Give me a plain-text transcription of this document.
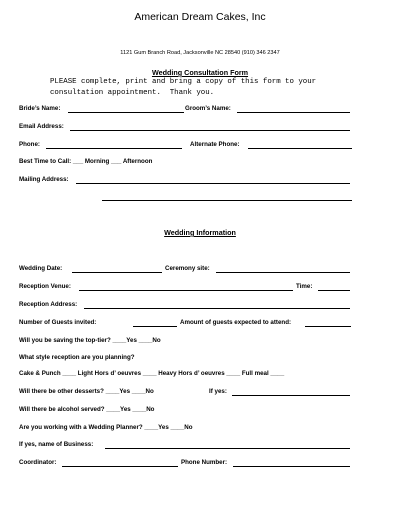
American Dream Cakes, Inc
1121 Gum Branch Road, Jacksonville NC 28540 (910) 346 2347
Wedding Consultation Form
PLEASE complete, print and bring a copy of this form to your
consultation appointment.  Thank you.
Bride’s Name:	Groom’s Name:
Email Address:
Phone:	Alternate Phone:
Best Time to Call: ___ Morning ___ Afternoon
Mailing Address:
Wedding Information
Wedding Date:	Ceremony site:
Reception Venue:	Time:
Reception Address:
Number of Guests invited:	Amount of guests expected to attend:
Will you be saving the top-tier? ____Yes ____No
What style reception are you planning?
Cake & Punch ____ Light Hors d’ oeuvres ____ Heavy Hors d’ oeuvres ____ Full meal ____
Will there be other desserts? ____Yes ____No	If yes:
Will there be alcohol served? ____Yes ____No
Are you working with a Wedding Planner? ____Yes ____No
If yes, name of Business:
Coordinator:	Phone Number:
